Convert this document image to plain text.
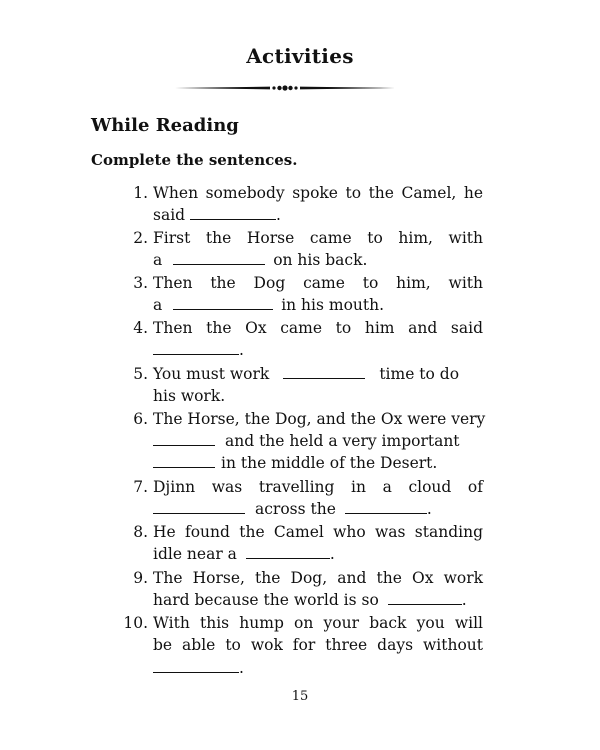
Activities
While Reading
Complete the sentences.
1. When somebody spoke to the Camel, he
said	.
2. First the Horse came to him, with
a	on his back.
3. Then the Dog came to him, with
a	in his mouth.
4. Then the Ox came to him and said
.
5. You must work	time to do
his work.
6. The Horse, the Dog, and the Ox were very
and the held a very important
in the middle of the Desert.
7. Djinn was travelling in a cloud of
across the	.
8. He found the Camel who was standing
idle near a	.
9. The Horse, the Dog, and the Ox work
hard because the world is so	.
10. With this hump on your back you will
be able to wok for three days without
.
15
